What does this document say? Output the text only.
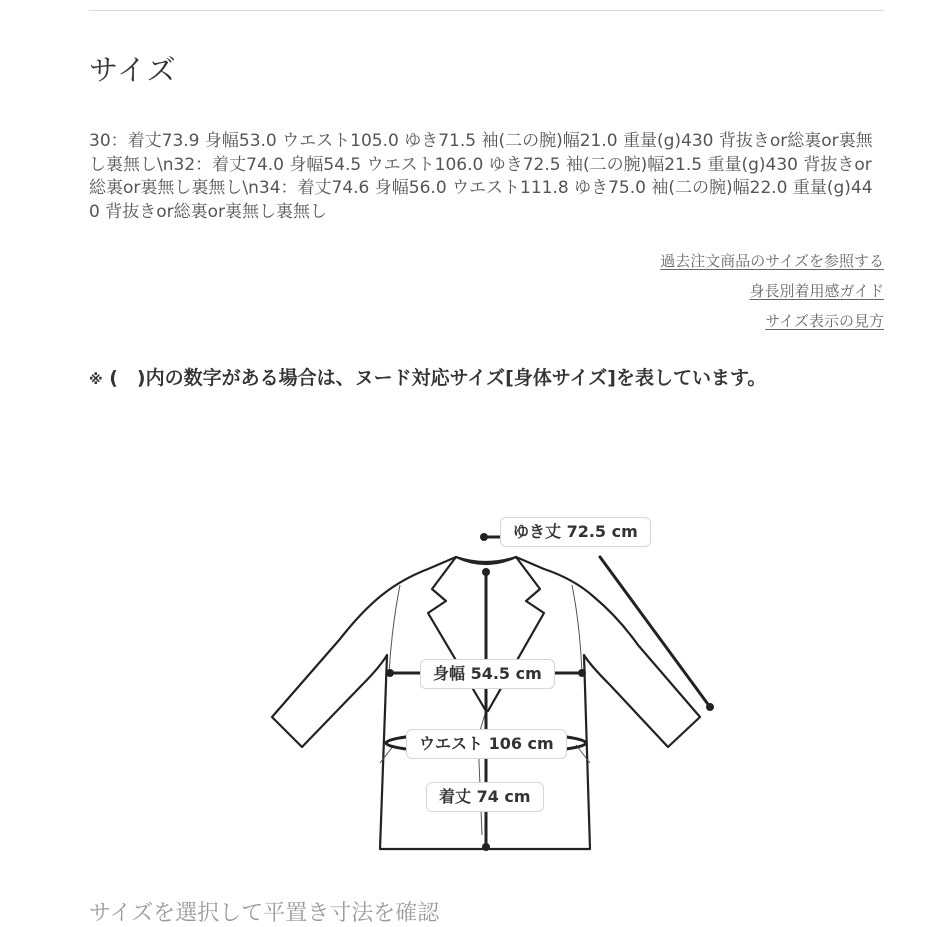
サイズ

30：着丈73.9 身幅53.0 ウエスト105.0 ゆき71.5 袖(二の腕)幅21.0 重量(g)430 背抜きor総裏or裏無し裏無し\n32：着丈74.0 身幅54.5 ウエスト106.0 ゆき72.5 袖(二の腕)幅21.5 重量(g)430 背抜きor総裏or裏無し裏無し\n34：着丈74.6 身幅56.0 ウエスト111.8 ゆき75.0 袖(二の腕)幅22.0 重量(g)440 背抜きor総裏or裏無し裏無し

過去注文商品のサイズを参照する
身長別着用感ガイド
サイズ表示の見方

※ (　)内の数字がある場合は、ヌード対応サイズ[身体サイズ]を表しています。

ゆき丈 72.5 cm
身幅 54.5 cm
ウエスト 106 cm
着丈 74 cm

サイズを選択して平置き寸法を確認
